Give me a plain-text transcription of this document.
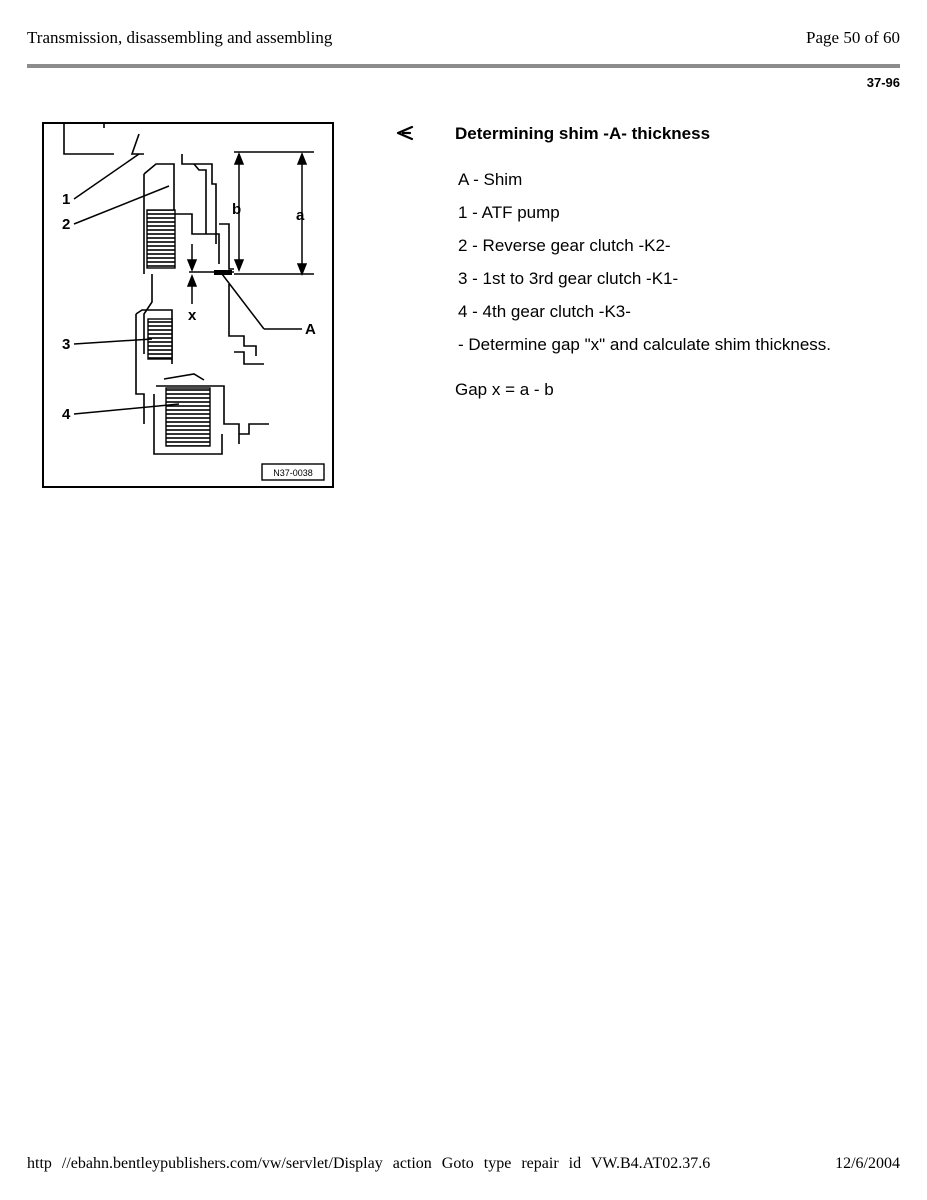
Transmission, disassembling and assembling	Page 50 of 60
37-96
1
2
3
4
A
a
b
x
N37-0038
Determining shim -A- thickness
A - Shim
1 - ATF pump
2 - Reverse gear clutch -K2-
3 - 1st to 3rd gear clutch -K1-
4 - 4th gear clutch -K3-
- Determine gap "x" and calculate shim thickness.
Gap x = a - b
http //ebahn.bentleypublishers.com/vw/servlet/Display action Goto type repair id VW.B4.AT02.37.6	12/6/2004
